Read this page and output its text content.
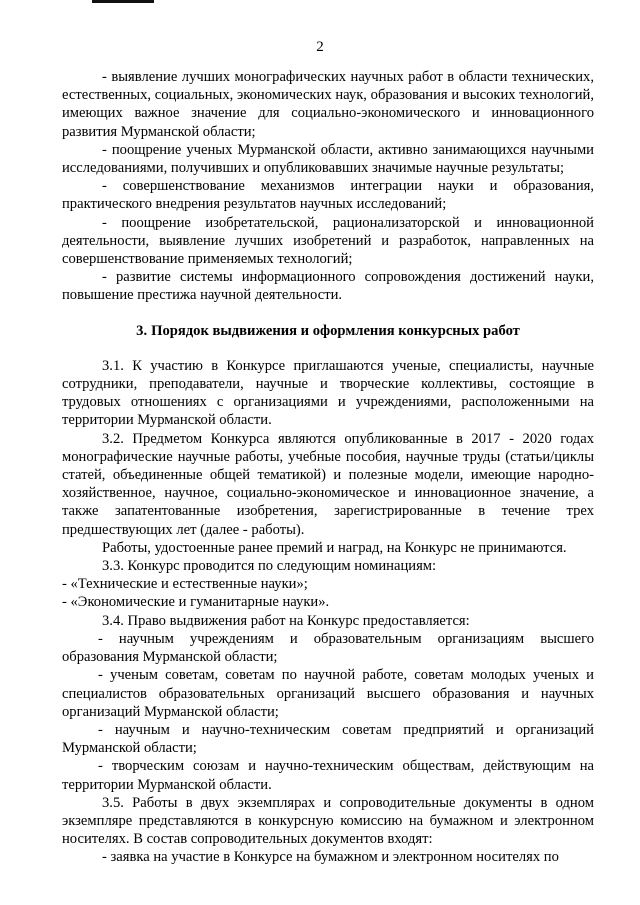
2

- выявление лучших монографических научных работ в области технических, естественных, социальных, экономических наук, образования и высоких технологий, имеющих важное значение для социально-экономического и инновационного развития Мурманской области;

- поощрение ученых Мурманской области, активно занимающихся научными исследованиями, получивших и опубликовавших значимые научные результаты;

- совершенствование механизмов интеграции науки и образования, практического внедрения результатов научных исследований;

- поощрение изобретательской, рационализаторской и инновационной деятельности, выявление лучших изобретений и разработок, направленных на совершенствование применяемых технологий;

- развитие системы информационного сопровождения достижений науки, повышение престижа научной деятельности.

3. Порядок выдвижения и оформления конкурсных работ

3.1. К участию в Конкурсе приглашаются ученые, специалисты, научные сотрудники, преподаватели, научные и творческие коллективы, состоящие в трудовых отношениях с организациями и учреждениями, расположенными на территории Мурманской области.

3.2. Предметом Конкурса являются опубликованные в 2017 - 2020 годах монографические научные работы, учебные пособия, научные труды (статьи/циклы статей, объединенные общей тематикой) и полезные модели, имеющие народно-хозяйственное, научное, социально-экономическое и инновационное значение, а также запатентованные изобретения, зарегистрированные в течение трех предшествующих лет (далее - работы).

Работы, удостоенные ранее премий и наград, на Конкурс не принимаются.

3.3. Конкурс проводится по следующим номинациям:

- «Технические и естественные науки»;

- «Экономические и гуманитарные науки».

3.4. Право выдвижения работ на Конкурс предоставляется:

- научным учреждениям и образовательным организациям высшего образования Мурманской области;

- ученым советам, советам по научной работе, советам молодых ученых и специалистов образовательных организаций высшего образования и научных организаций Мурманской области;

- научным и научно-техническим советам предприятий и организаций Мурманской области;

- творческим союзам и научно-техническим обществам, действующим на территории Мурманской области.

3.5. Работы в двух экземплярах и сопроводительные документы в одном экземпляре представляются в конкурсную комиссию на бумажном и электронном носителях. В состав сопроводительных документов входят:

- заявка на участие в Конкурсе на бумажном и электронном носителях по
